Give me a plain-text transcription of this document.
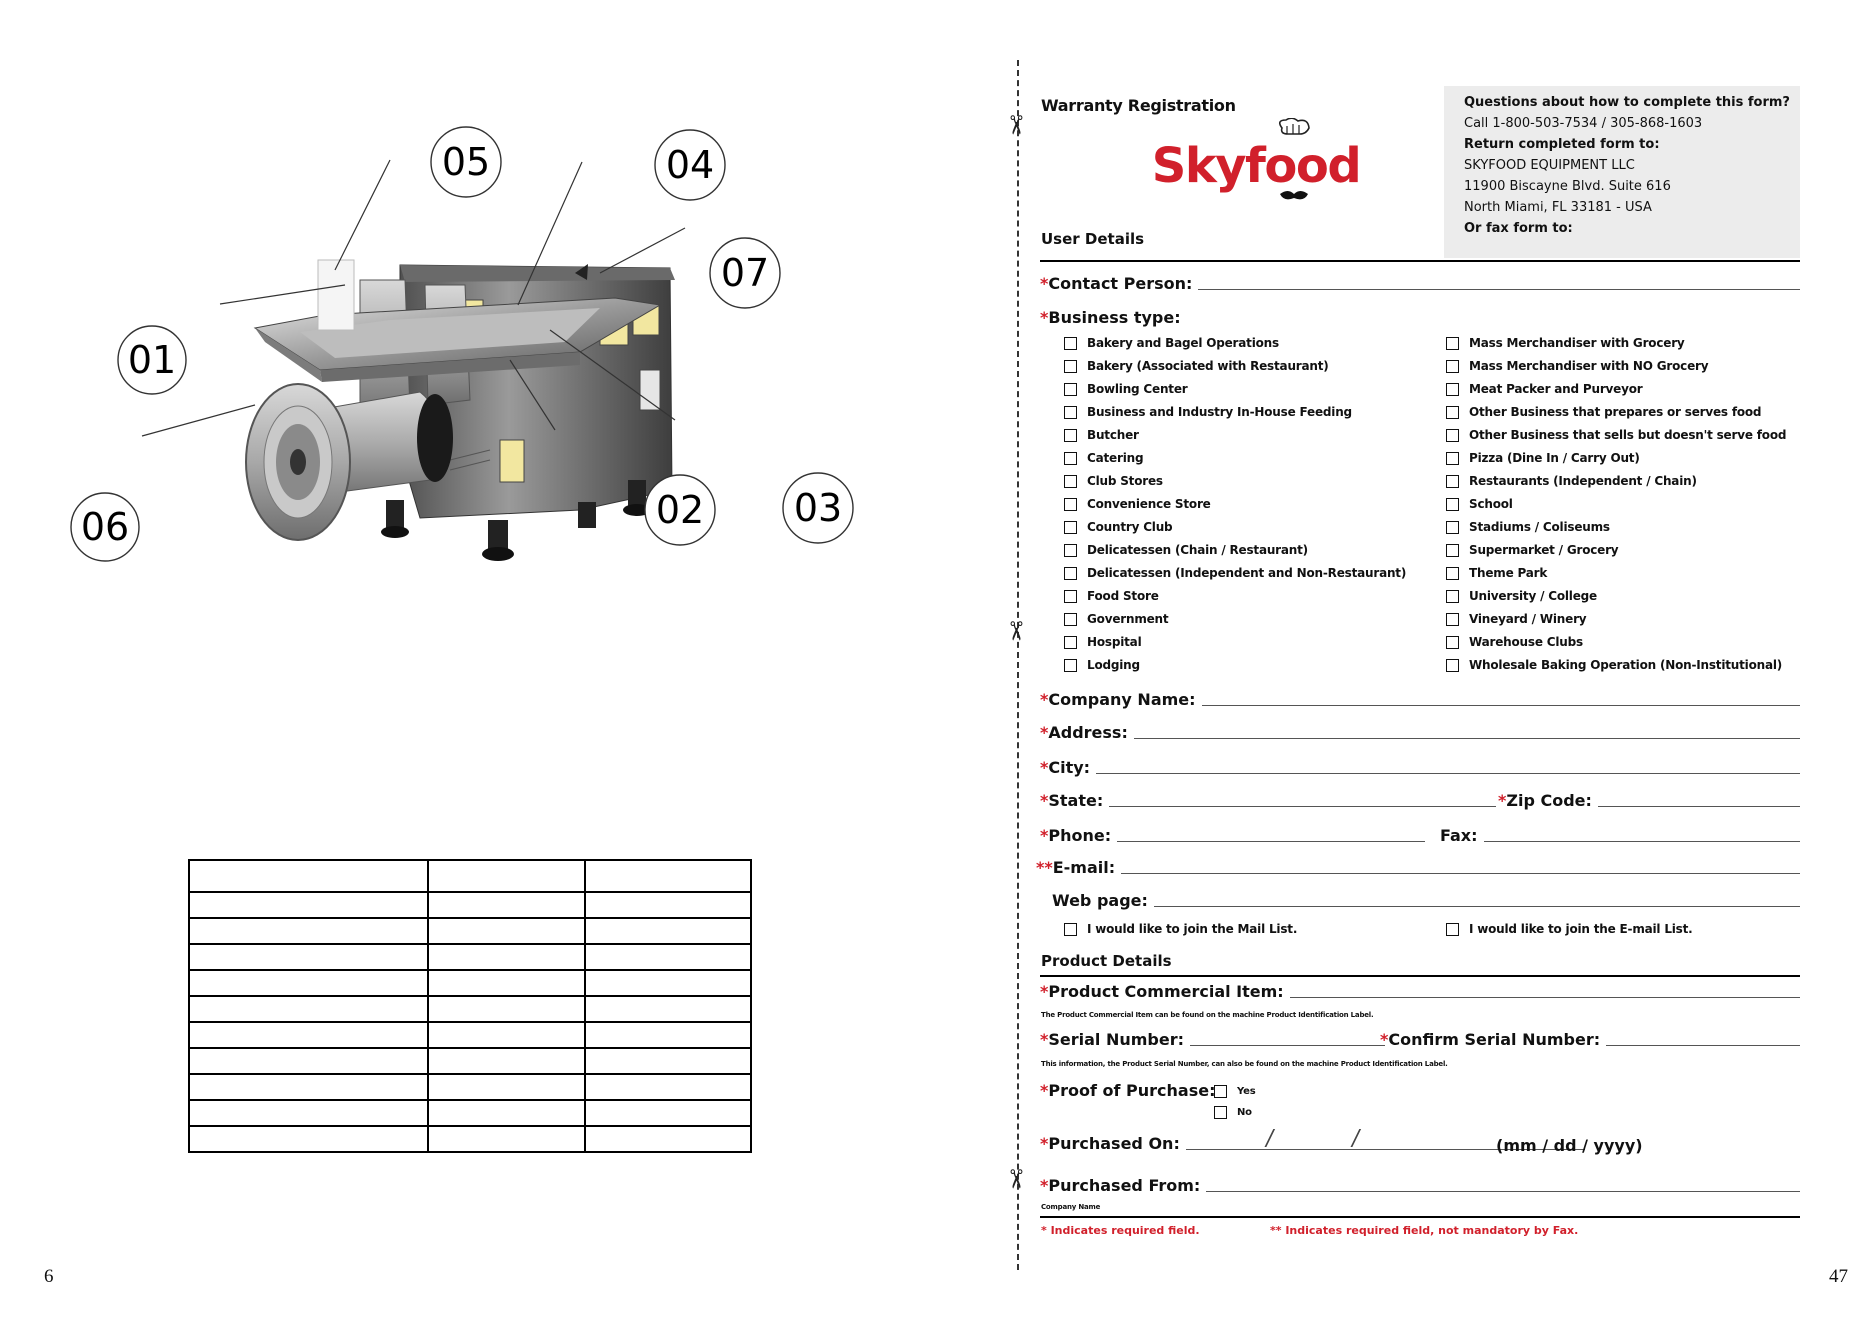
05	04
07
01
06	02 03

6
✂
✂
✂
Warranty Registration
Skyfood
User Details
Questions about how to complete this form?
Call 1-800-503-7534 / 305-868-1603
Return completed form to:
SKYFOOD EQUIPMENT LLC
11900 Biscayne Blvd. Suite 616
North Miami, FL 33181 - USA
Or fax form to:
* Contact Person:
* Business type:
Bakery and Bagel Operations
Bakery (Associated with Restaurant)
Bowling Center
Business and Industry In-House Feeding
Butcher
Catering
Club Stores
Convenience Store
Country Club
Delicatessen (Chain / Restaurant)
Delicatessen (Independent and Non-Restaurant)
Food Store
Government
Hospital
Lodging
Mass Merchandiser with Grocery
Mass Merchandiser with NO Grocery
Meat Packer and Purveyor
Other Business that prepares or serves food
Other Business that sells but doesn't serve food
Pizza (Dine In / Carry Out)
Restaurants (Independent / Chain)
School
Stadiums / Coliseums
Supermarket / Grocery
Theme Park
University / College
Vineyard / Winery
Warehouse Clubs
Wholesale Baking Operation (Non-Institutional)
* Company Name:
* Address:
* City:
* State:	* Zip Code:
* Phone:	Fax:
** E-mail:
Web page:
I would like to join the Mail List.	I would like to join the E-mail List.
Product Details
* Product Commercial Item:
The Product Commercial Item can be found on the machine Product Identification Label.
* Serial Number:	* Confirm Serial Number:
This information, the Product Serial Number, can also be found on the machine Product Identification Label.
* Proof of Purchase: Yes
No
* Purchased On:	/	/	(mm / dd / yyyy)
* Purchased From:
Company Name
* Indicates required field.	** Indicates required field, not mandatory by Fax.
47
